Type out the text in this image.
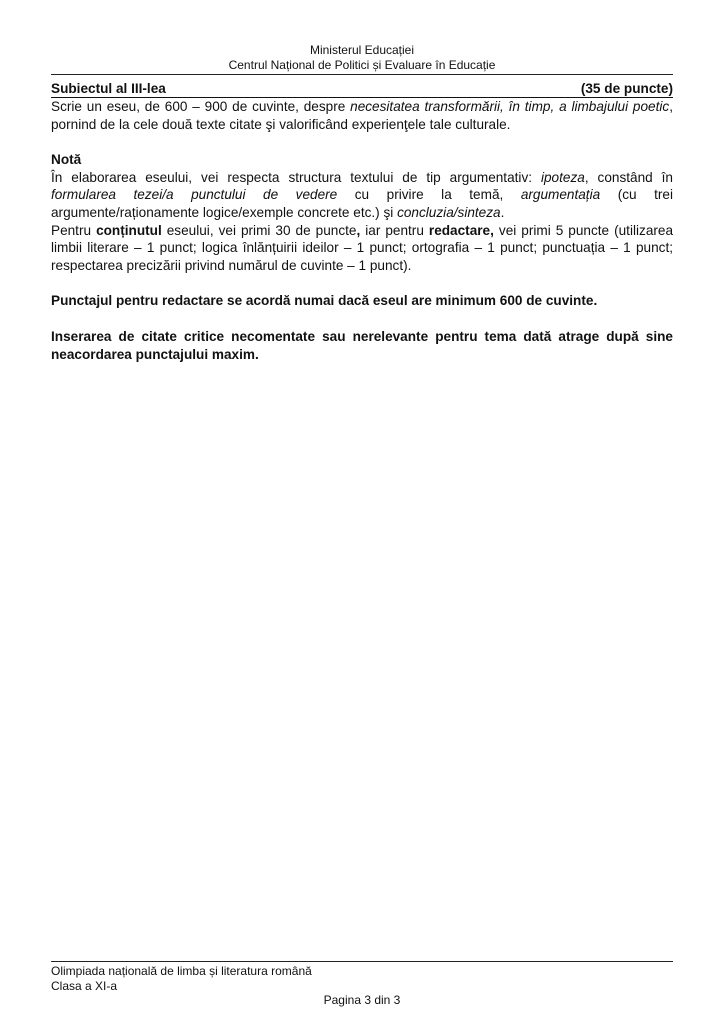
Ministerul Educației
Centrul Național de Politici și Evaluare în Educație
Subiectul al III-lea	(35 de puncte)

Scrie un eseu, de 600 – 900 de cuvinte, despre necesitatea transformării, în timp, a limbajului poetic, pornind de la cele două texte citate şi valorificând experienţele tale culturale.

Notă

În elaborarea eseului, vei respecta structura textului de tip argumentativ: ipoteza, constând în formularea tezei/a punctului de vedere cu privire la temă, argumentația (cu trei argumente/raționamente logice/exemple concrete etc.) şi concluzia/sinteza.

Pentru conținutul eseului, vei primi 30 de puncte, iar pentru redactare, vei primi 5 puncte (utilizarea limbii literare – 1 punct; logica înlănțuirii ideilor – 1 punct; ortografia – 1 punct; punctuația – 1 punct; respectarea precizării privind numărul de cuvinte – 1 punct).

Punctajul pentru redactare se acordă numai dacă eseul are minimum 600 de cuvinte.

Inserarea de citate critice necomentate sau nerelevante pentru tema dată atrage după sine neacordarea punctajului maxim.

Olimpiada națională de limba și literatura română
Clasa a XI-a
Pagina 3 din 3
